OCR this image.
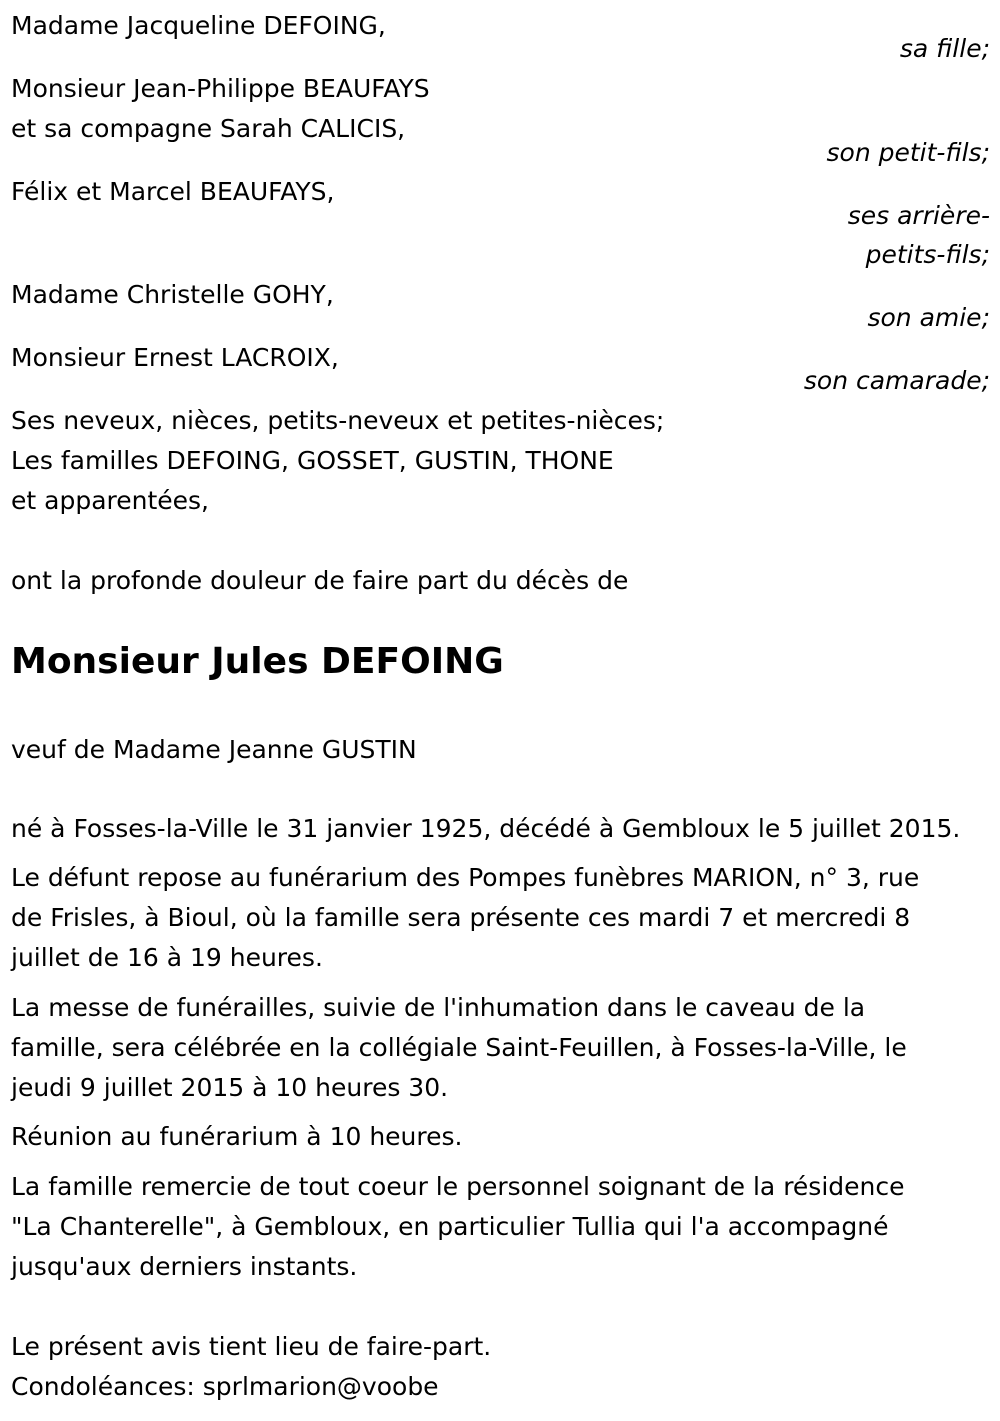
Madame Jacqueline DEFOING,
sa fille;
Monsieur Jean-Philippe BEAUFAYS
et sa compagne Sarah CALICIS,
son petit-fils;
Félix et Marcel BEAUFAYS,
ses arrière-
petits-fils;
Madame Christelle GOHY,
son amie;
Monsieur Ernest LACROIX,
son camarade;
Ses neveux, nièces, petits-neveux et petites-nièces;
Les familles DEFOING, GOSSET, GUSTIN, THONE
et apparentées,
ont la profonde douleur de faire part du décès de
Monsieur Jules DEFOING
veuf de Madame Jeanne GUSTIN
né à Fosses-la-Ville le 31 janvier 1925, décédé à Gembloux le 5 juillet 2015.
Le défunt repose au funérarium des Pompes funèbres MARION, n° 3, rue
de Frisles, à Bioul, où la famille sera présente ces mardi 7 et mercredi 8
juillet de 16 à 19 heures.
La messe de funérailles, suivie de l'inhumation dans le caveau de la
famille, sera célébrée en la collégiale Saint-Feuillen, à Fosses-la-Ville, le
jeudi 9 juillet 2015 à 10 heures 30.
Réunion au funérarium à 10 heures.
La famille remercie de tout coeur le personnel soignant de la résidence
"La Chanterelle", à Gembloux, en particulier Tullia qui l'a accompagné
jusqu'aux derniers instants.
Le présent avis tient lieu de faire-part.
Condoléances: sprlmarion@voobe
